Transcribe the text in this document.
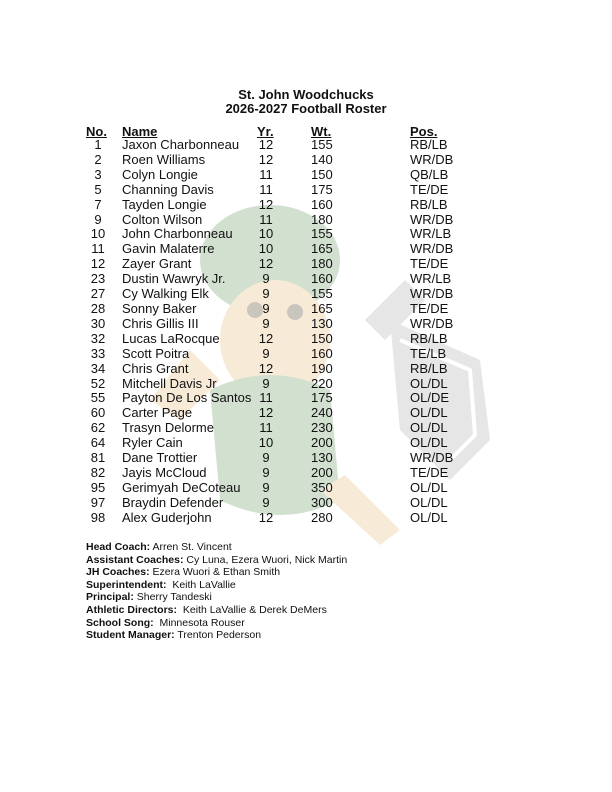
St. John Woodchucks
2026-2027 Football Roster
No. Name	Yr.	Wt.	Pos.
1	Jaxon Charbonneau 12	155	RB/LB
2	Roen Williams	12	140	WR/DB
3	Colyn Longie	11	150	QB/LB
5	Channing Davis	11	175	TE/DE
7	Tayden Longie	12	160	RB/LB
9	Colton Wilson	11	180	WR/DB
10	John Charbonneau 10	155	WR/LB
11	Gavin Malaterre	10	165	WR/DB
12	Zayer Grant	12	180	TE/DE
23	Dustin Wawryk Jr.	9	160	WR/LB
27	Cy Walking Elk	9	155	WR/DB
28	Sonny Baker	9	165	TE/DE
30	Chris Gillis III	9	130	WR/DB
32	Lucas LaRocque	12	150	RB/LB
33	Scott Poitra	9	160	TE/LB
34	Chris Grant	12	190	RB/LB
52	Mitchell Davis Jr	9	220	OL/DL
55	Payton De Los Santos 11	175	OL/DE
60	Carter Page	12	240	OL/DL
62	Trasyn Delorme	11	230	OL/DL
64	Ryler Cain	10	200	OL/DL
81	Dane Trottier	9	130	WR/DB
82	Jayis McCloud	9	200	TE/DE
95	Gerimyah DeCoteau	9	350	OL/DL
97	Braydin Defender	9	300	OL/DL
98	Alex Guderjohn	12	280	OL/DL
Head Coach: Arren St. Vincent
Assistant Coaches: Cy Luna, Ezera Wuori, Nick Martin
JH Coaches: Ezera Wuori & Ethan Smith
Superintendent:  Keith LaVallie
Principal: Sherry Tandeski
Athletic Directors:  Keith LaVallie & Derek DeMers
School Song:  Minnesota Rouser
Student Manager: Trenton Pederson
